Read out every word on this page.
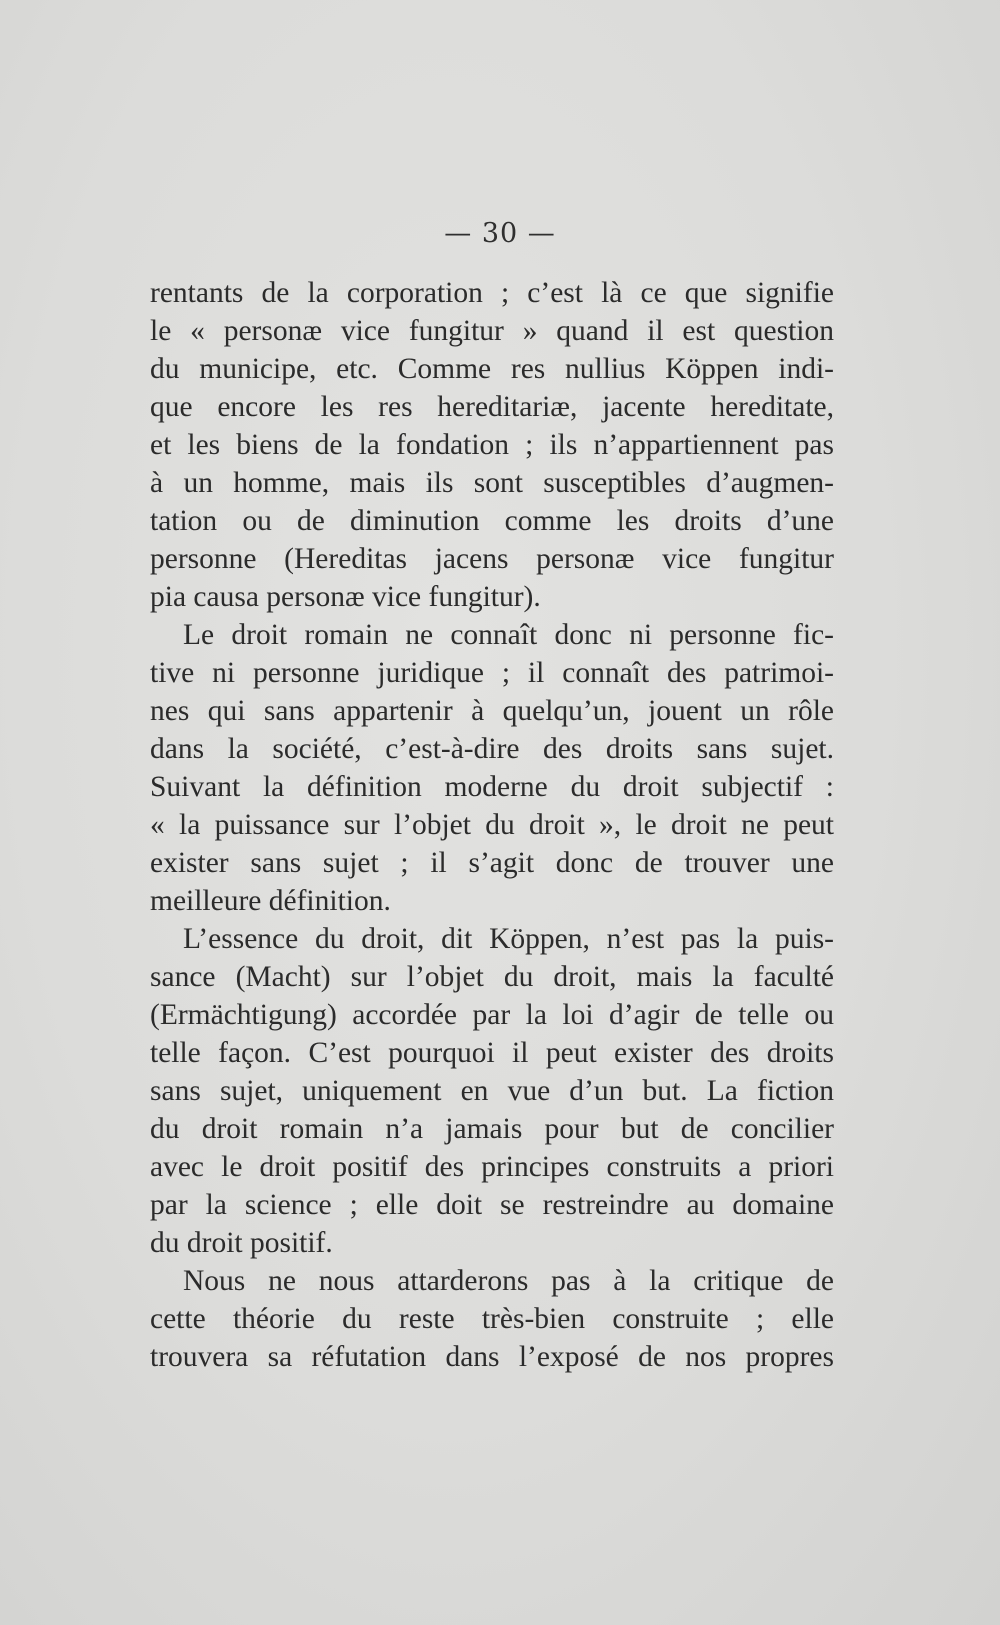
— 30 —
rentants de la corporation ; c’est là ce que signifie
le « personæ vice fungitur » quand il est question
du municipe, etc. Comme res nullius Köppen indi-
que encore les res hereditariæ, jacente hereditate,
et les biens de la fondation ; ils n’appartiennent pas
à un homme, mais ils sont susceptibles d’augmen-
tation ou de diminution comme les droits d’une
personne (Hereditas jacens personæ vice fungitur
pia causa personæ vice fungitur).
Le droit romain ne connaît donc ni personne fic-
tive ni personne juridique ; il connaît des patrimoi-
nes qui sans appartenir à quelqu’un, jouent un rôle
dans la société, c’est-à-dire des droits sans sujet.
Suivant la définition moderne du droit subjectif :
« la puissance sur l’objet du droit », le droit ne peut
exister sans sujet ; il s’agit donc de trouver une
meilleure définition.
L’essence du droit, dit Köppen, n’est pas la puis-
sance (Macht) sur l’objet du droit, mais la faculté
(Ermächtigung) accordée par la loi d’agir de telle ou
telle façon. C’est pourquoi il peut exister des droits
sans sujet, uniquement en vue d’un but. La fiction
du droit romain n’a jamais pour but de concilier
avec le droit positif des principes construits a priori
par la science ; elle doit se restreindre au domaine
du droit positif.
Nous ne nous attarderons pas à la critique de
cette théorie du reste très-bien construite ; elle
trouvera sa réfutation dans l’exposé de nos propres
